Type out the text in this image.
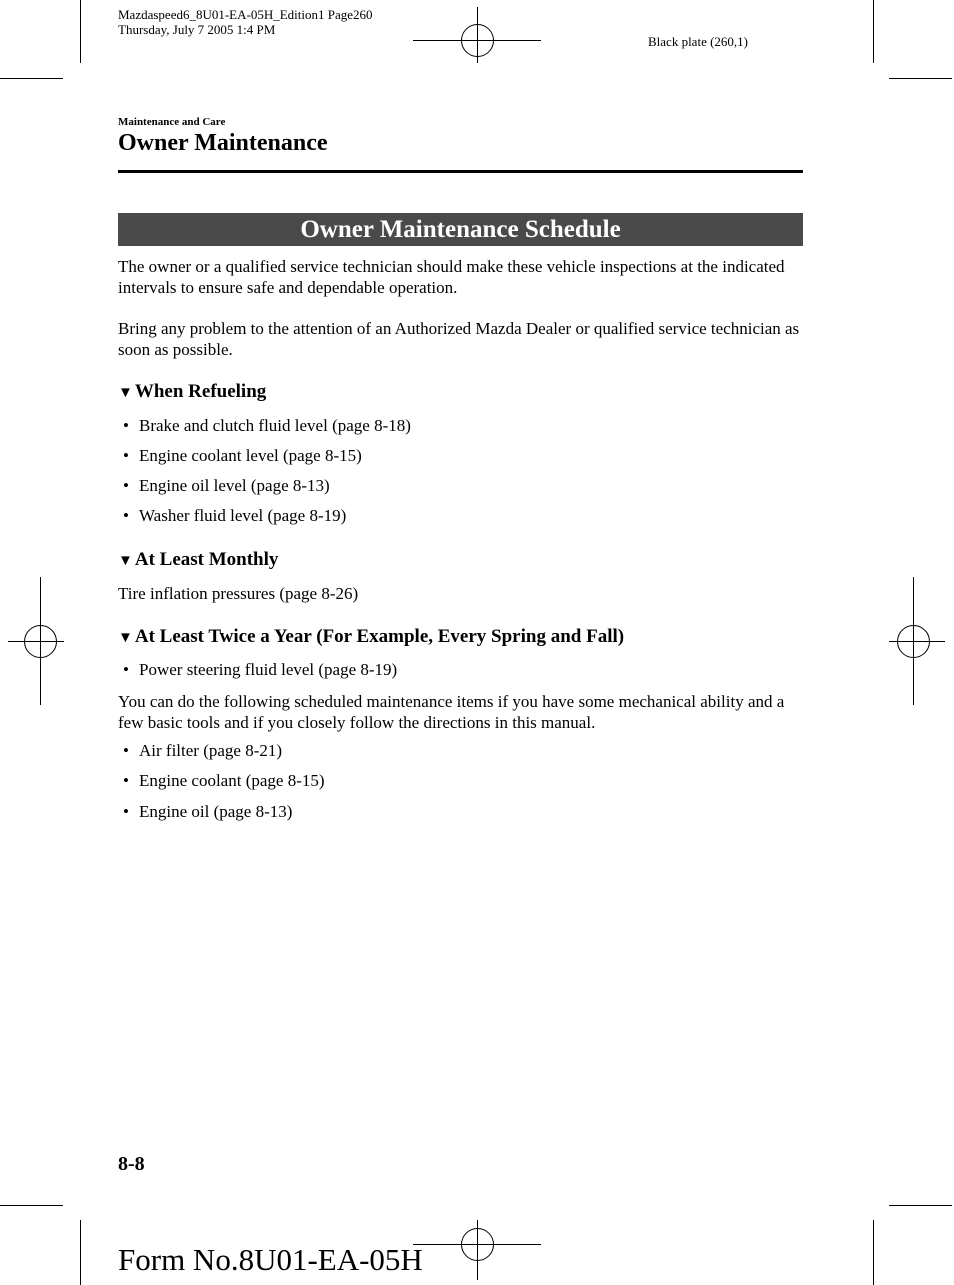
Mazdaspeed6_8U01-EA-05H_Edition1 Page260
Thursday, July 7 2005 1:4 PM
Black plate (260,1)
Maintenance and Care
Owner Maintenance
Owner Maintenance Schedule
The owner or a qualified service technician should make these vehicle inspections at the indicated intervals to ensure safe and dependable operation.
Bring any problem to the attention of an Authorized Mazda Dealer or qualified service technician as soon as possible.
▼ When Refueling
• Brake and clutch fluid level (page 8-18)
• Engine coolant level (page 8-15)
• Engine oil level (page 8-13)
• Washer fluid level (page 8-19)
▼ At Least Monthly
Tire inflation pressures (page 8-26)
▼ At Least Twice a Year (For Example, Every Spring and Fall)
• Power steering fluid level (page 8-19)
You can do the following scheduled maintenance items if you have some mechanical ability and a few basic tools and if you closely follow the directions in this manual.
• Air filter (page 8-21)
• Engine coolant (page 8-15)
• Engine oil (page 8-13)
8-8
Form No.8U01-EA-05H
